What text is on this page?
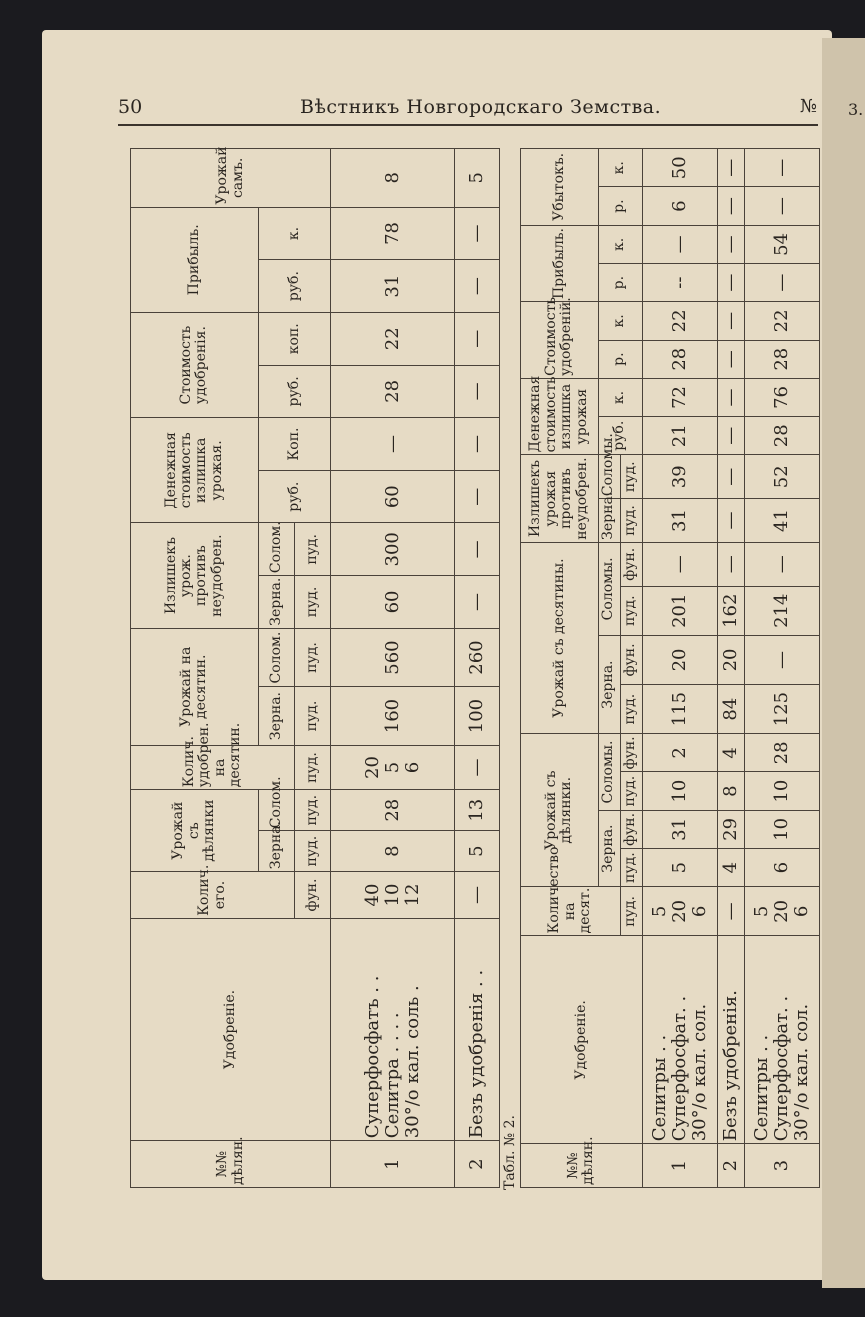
3.
50	Вѣстникъ Новгородскаго Земства.	№
№№ дѣлян.	Удобреніе.	Колич. его.	Урожай съ дѣлянки		Колич. удобрен. на десятин.	Урожай на десятин.		Излишекъ урож. противъ неудобрен.		Денежная стоимость излишка урожая.		Стоимость удобренія.		Прибыль.		Урожай самъ.
			Зерна.	Солом.		Зерна.	Солом.	Зерна.	Солом.	руб.	Коп.	руб.	коп.	руб.	к.	
		фун.	пуд.	пуд.	пуд.	пуд.	пуд.	пуд.	пуд.							
1	Суперфосфатъ . .
Селитра . . . .
30°/о кал. соль .	40
10
12	8	28	20
5
6	160	560	60	300	60	—	28	22	31	78	8
2	Безъ удобренія . .	—	5	13	—	100	260	—	—	—	—	—	—	—	—	5
Табл. № 2.	№№ дѣлян.	Удобреніе.	Количество на десят.	Урожай съ дѣлянки.				Урожай съ десятины.				Излишекъ урожая противъ неудобрен.		Денежная стоимость излишка урожая		Стоимость удобреній.		Прибыль.		Убытокъ.	
			Зерна.		Соломы.		Зерна.		Соломы.		Зерна.	Соломы.	руб.	к.	р.	к.	р.	к.	р.	к.
		пуд.	пуд.	фун.	пуд.	фун.	пуд.	фун.	пуд.	фун.	пуд.	пуд.								
1	Селитры . .
Суперфосфат. .
30°/о кал. сол.	5
20
6	5	31	10	2	115	20	201	—	31	39	21	72	28	22	--	—	6	50
2	Безъ удобренія.	—	4	29	8	4	84	20	162	—	—	—	—	—	—	—	—	—	—	—
3	Селитры . .
Суперфосфат. .
30°/о кал. сол.	5
20
6	6	10	10	28	125	—	214	—	41	52	28	76	28	22	—	54	—	—
